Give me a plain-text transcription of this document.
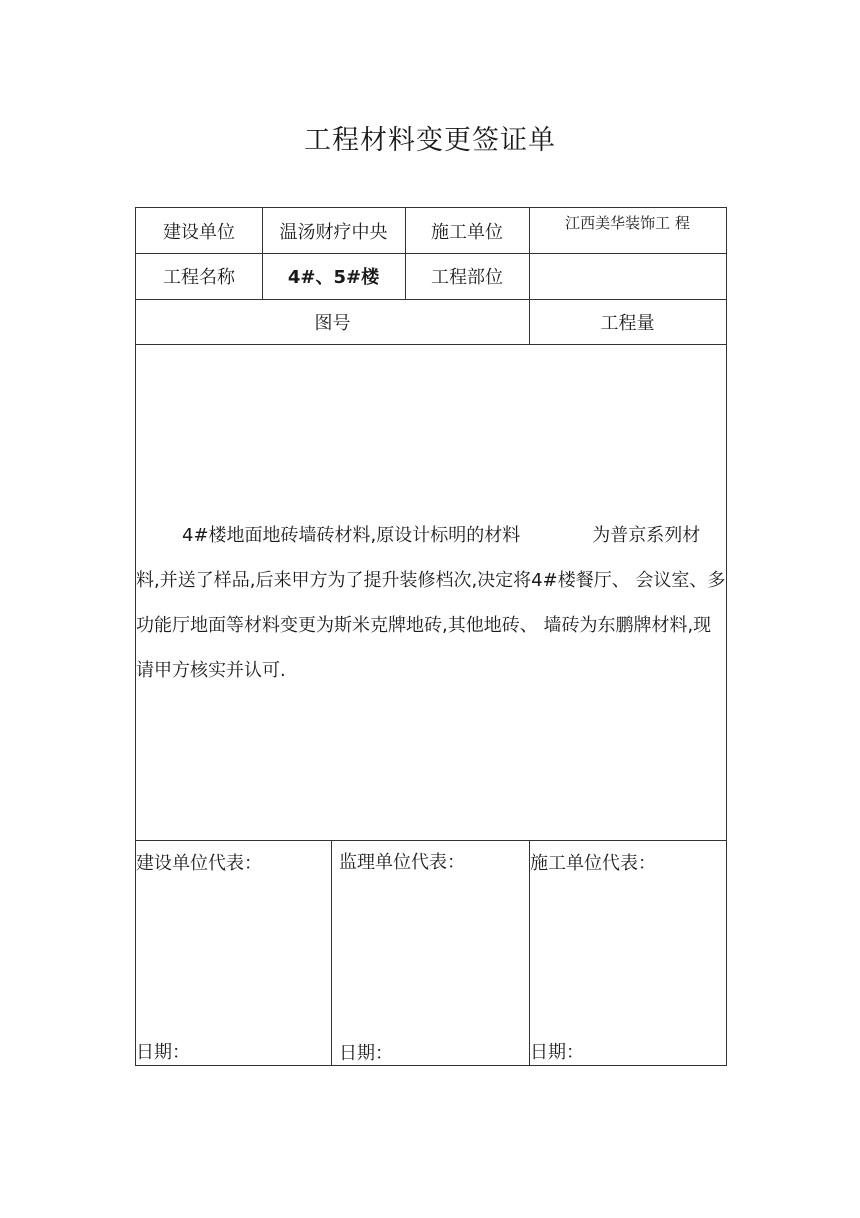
工程材料变更签证单
建设单位	温汤财疗中央	施工单位	江西美华装饰工 程
工程名称	4#、5#楼	工程部位
图号	工程量
4#楼地面地砖墙砖材料,原设计标明的材料　　　　为普京系列材
料,并送了样品,后来甲方为了提升装修档次,决定将4#楼餐厅、 会议室、多
功能厅地面等材料变更为斯米克牌地砖,其他地砖、 墙砖为东鹏牌材料,现
请甲方核实并认可.
建设单位代表：	监理单位代表：	施工单位代表：
日期：	日期：	日期：
